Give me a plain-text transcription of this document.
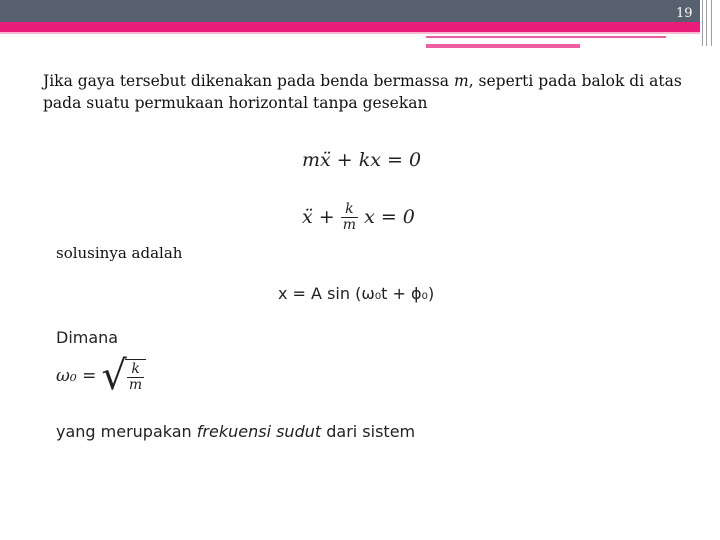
19
Jika gaya tersebut dikenakan pada benda bermassa m, seperti pada balok di atas pada suatu permukaan horizontal tanpa gesekan
mẍ + kx = 0
ẍ + $\frac{k}{m}$ x = 0
solusinya adalah
x = A sin (ω₀t + ϕ₀)
Dimana
ω₀ = √ $\frac{k}{m}$
yang merupakan frekuensi sudut dari sistem
